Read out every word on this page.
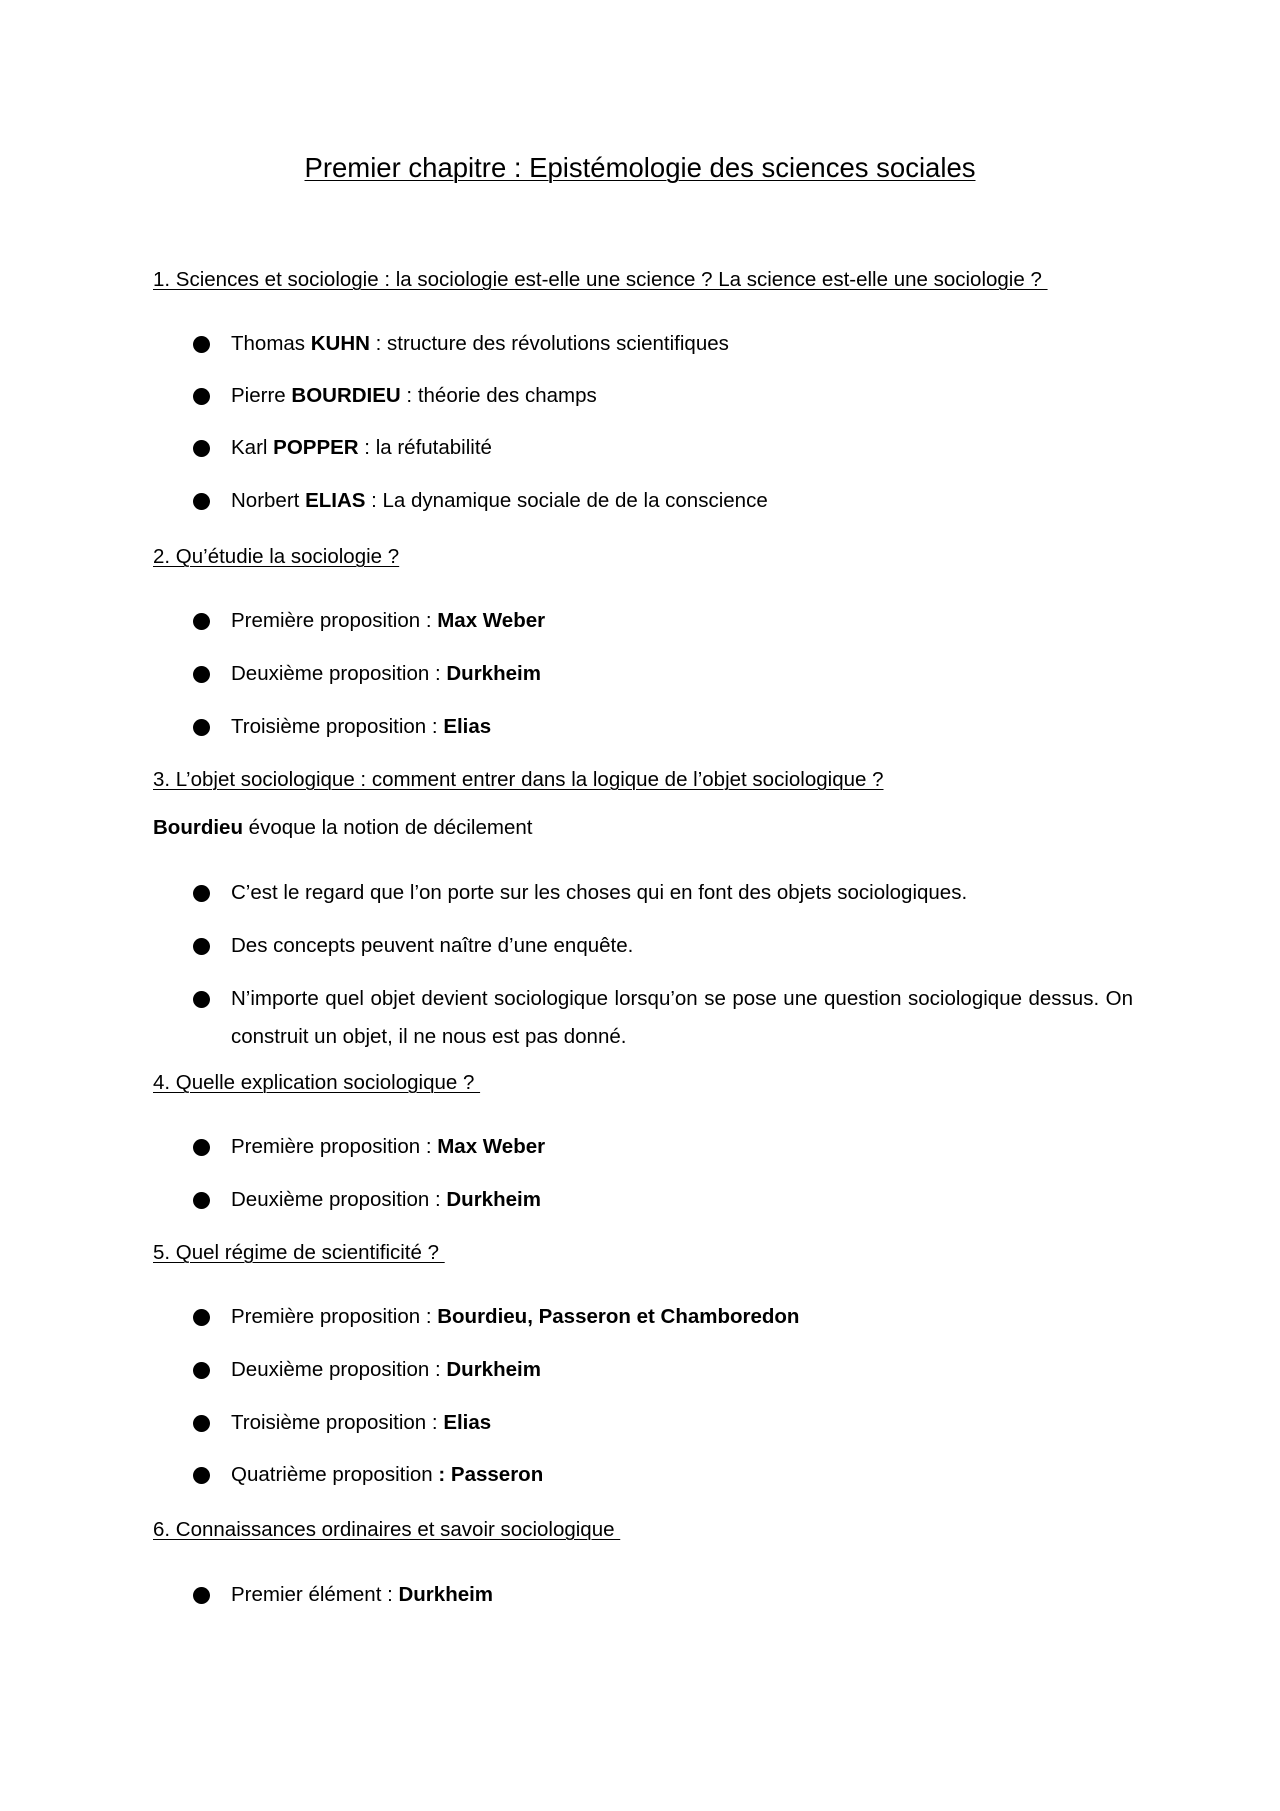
Premier chapitre : Epistémologie des sciences sociales
1. Sciences et sociologie : la sociologie est-elle une science ? La science est-elle une sociologie ?
Thomas KUHN : structure des révolutions scientifiques
Pierre BOURDIEU : théorie des champs
Karl POPPER : la réfutabilité
Norbert ELIAS : La dynamique sociale de de la conscience
2. Qu’étudie la sociologie ?
Première proposition : Max Weber
Deuxième proposition : Durkheim
Troisième proposition : Elias
3. L’objet sociologique : comment entrer dans la logique de l’objet sociologique ?
Bourdieu évoque la notion de décilement
C’est le regard que l’on porte sur les choses qui en font des objets sociologiques.
Des concepts peuvent naître d’une enquête.
N’importe quel objet devient sociologique lorsqu’on se pose une question sociologique dessus. On construit un objet, il ne nous est pas donné.
4. Quelle explication sociologique ?
Première proposition : Max Weber
Deuxième proposition : Durkheim
5. Quel régime de scientificité ?
Première proposition : Bourdieu, Passeron et Chamboredon
Deuxième proposition : Durkheim
Troisième proposition : Elias
Quatrième proposition : Passeron
6. Connaissances ordinaires et savoir sociologique
Premier élément : Durkheim
